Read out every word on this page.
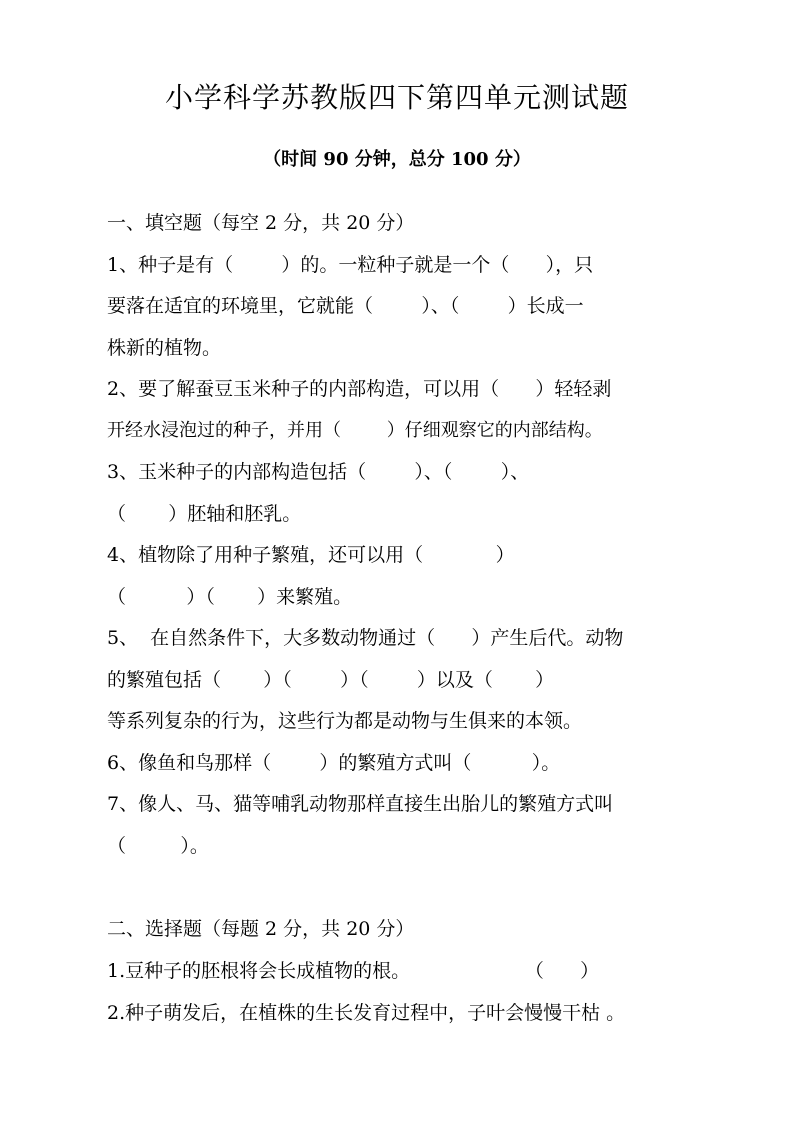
小学科学苏教版四下第四单元测试题
（时间 90 分钟，总分 100 分）
一、填空题（每空 2 分，共 20 分）
1、种子是有（        ）的。一粒种子就是一个（      ），只
要落在适宜的环境里，它就能（        ）、（        ）长成一
株新的植物。
2、要了解蚕豆玉米种子的内部构造，可以用（      ）轻轻剥
开经水浸泡过的种子，并用（        ）仔细观察它的内部结构。
3、玉米种子的内部构造包括（        ）、（        ）、
（       ）胚轴和胚乳。
4、植物除了用种子繁殖，还可以用（            ）
（          ）（       ）来繁殖。
5、  在自然条件下，大多数动物通过（      ）产生后代。动物
的繁殖包括（       ）（        ）（        ）以及（       ）
等系列复杂的行为，这些行为都是动物与生俱来的本领。
6、像鱼和鸟那样（        ）的繁殖方式叫（          ）。
7、像人、马、猫等哺乳动物那样直接生出胎儿的繁殖方式叫
（         ）。
二、选择题（每题 2 分，共 20 分）
1.豆种子的胚根将会长成植物的根。                   （      ）
2.种子萌发后，在植株的生长发育过程中，子叶会慢慢干枯 。
